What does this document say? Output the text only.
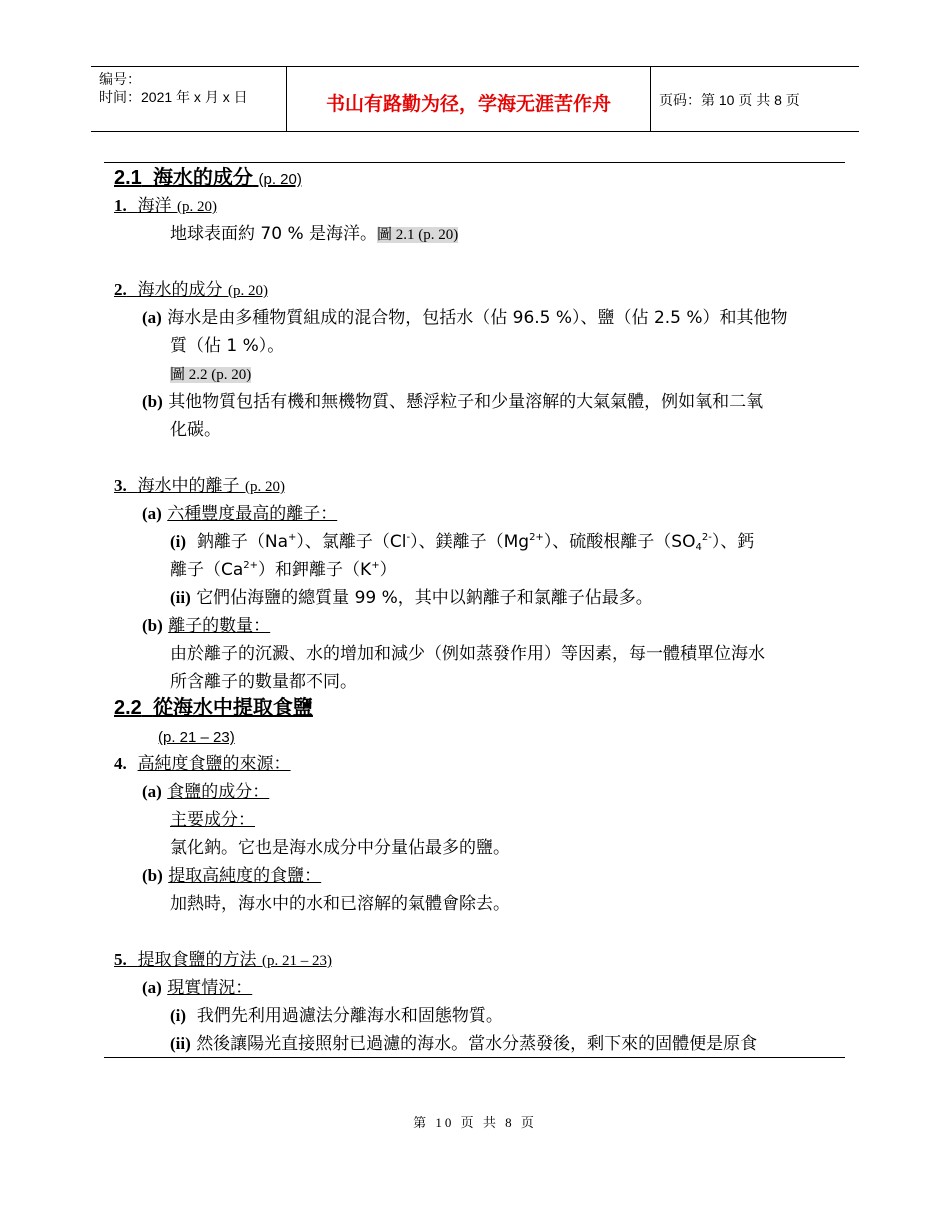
编号：
时间：2021 年 x 月 x 日	书山有路勤为径，学海无涯苦作舟	页码：第 10 页 共 8 页
2.1 海水的成分 (p. 20)
1. 海洋 (p. 20)
地球表面約 70 % 是海洋。圖 2.1 (p. 20)
2. 海水的成分 (p. 20)
(a) 海水是由多種物質組成的混合物，包括水（佔 96.5 %）、鹽（佔 2.5 %）和其他物
質（佔 1 %）。
圖 2.2 (p. 20)
(b) 其他物質包括有機和無機物質、懸浮粒子和少量溶解的大氣氣體，例如氧和二氧
化碳。
3. 海水中的離子 (p. 20)
(a) 六種豐度最高的離子：
(i) 鈉離子（Na+）、氯離子（Cl-）、鎂離子$(Mg^{2+})$、硫酸根離子$(SO_4^{2-})$、鈣
離子$(Ca^{2+})$和鉀離子（K+）
(ii) 它們佔海鹽的總質量 99 %，其中以鈉離子和氯離子佔最多。
(b) 離子的數量：
由於離子的沉澱、水的增加和減少（例如蒸發作用）等因素，每一體積單位海水
所含離子的數量都不同。
2.2 從海水中提取食鹽
(p. 21 – 23)
4. 高純度食鹽的來源：
(a) 食鹽的成分：
主要成分：
氯化鈉。它也是海水成分中分量佔最多的鹽。
(b) 提取高純度的食鹽：
加熱時，海水中的水和已溶解的氣體會除去。
5. 提取食鹽的方法 (p. 21 – 23)
(a) 現實情況：
(i) 我們先利用過濾法分離海水和固態物質。
(ii) 然後讓陽光直接照射已過濾的海水。當水分蒸發後，剩下來的固體便是原食
第 10 页 共 8 页
